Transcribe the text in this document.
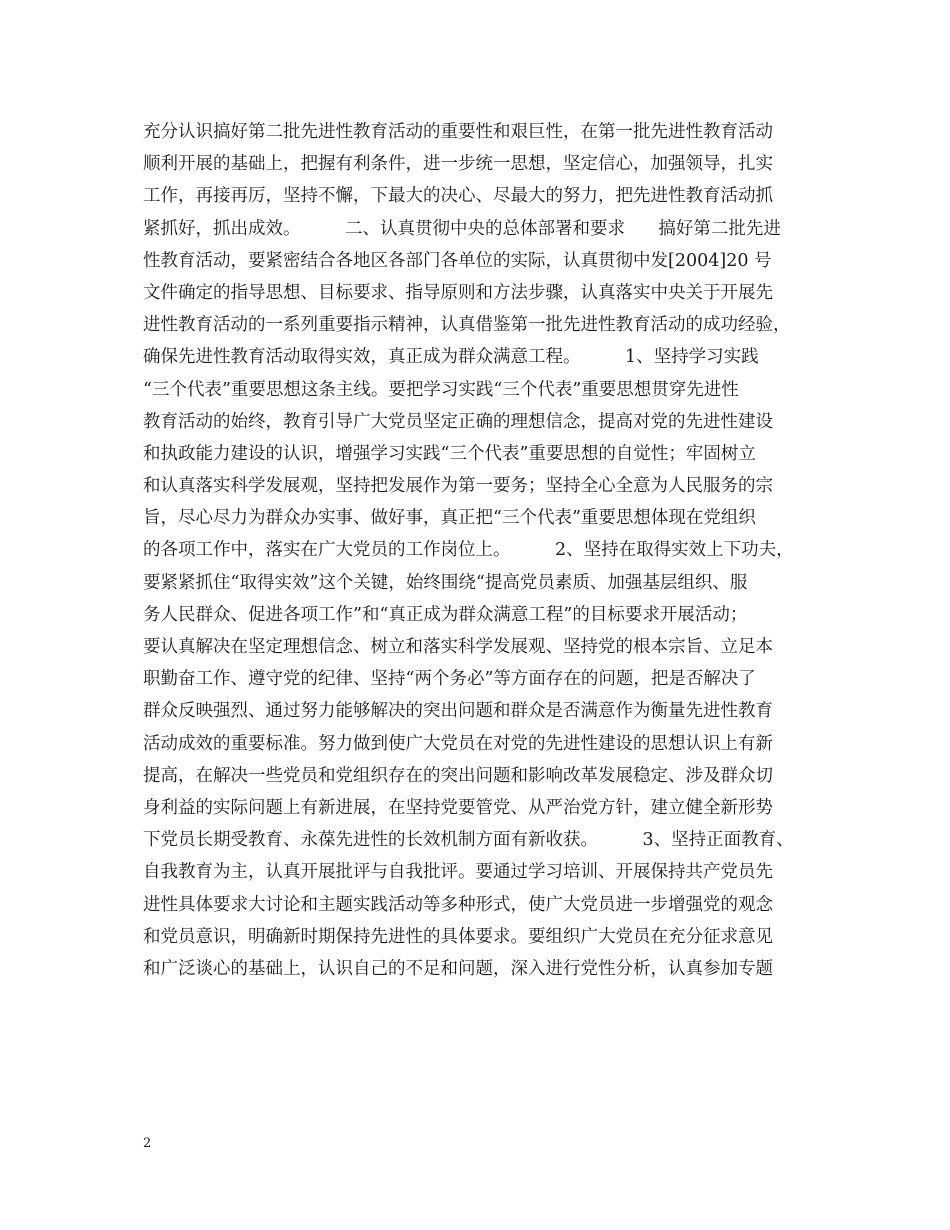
充分认识搞好第二批先进性教育活动的重要性和艰巨性，在第一批先进性教育活动
顺利开展的基础上，把握有利条件，进一步统一思想，坚定信心，加强领导，扎实
工作，再接再厉，坚持不懈，下最大的决心、尽最大的努力，把先进性教育活动抓
紧抓好，抓出成效。        二、认真贯彻中央的总体部署和要求      搞好第二批先进
性教育活动，要紧密结合各地区各部门各单位的实际，认真贯彻中发[2004]20 号
文件确定的指导思想、目标要求、指导原则和方法步骤，认真落实中央关于开展先
进性教育活动的一系列重要指示精神，认真借鉴第一批先进性教育活动的成功经验，
确保先进性教育活动取得实效，真正成为群众满意工程。        1、坚持学习实践
“三个代表”重要思想这条主线。要把学习实践“三个代表”重要思想贯穿先进性
教育活动的始终，教育引导广大党员坚定正确的理想信念，提高对党的先进性建设
和执政能力建设的认识，增强学习实践“三个代表”重要思想的自觉性；牢固树立
和认真落实科学发展观，坚持把发展作为第一要务；坚持全心全意为人民服务的宗
旨，尽心尽力为群众办实事、做好事，真正把“三个代表”重要思想体现在党组织
的各项工作中，落实在广大党员的工作岗位上。        2、坚持在取得实效上下功夫，
要紧紧抓住“取得实效”这个关键，始终围绕“提高党员素质、加强基层组织、服
务人民群众、促进各项工作”和“真正成为群众满意工程”的目标要求开展活动；
要认真解决在坚定理想信念、树立和落实科学发展观、坚持党的根本宗旨、立足本
职勤奋工作、遵守党的纪律、坚持“两个务必”等方面存在的问题，把是否解决了
群众反映强烈、通过努力能够解决的突出问题和群众是否满意作为衡量先进性教育
活动成效的重要标准。努力做到使广大党员在对党的先进性建设的思想认识上有新
提高，在解决一些党员和党组织存在的突出问题和影响改革发展稳定、涉及群众切
身利益的实际问题上有新进展，在坚持党要管党、从严治党方针，建立健全新形势
下党员长期受教育、永葆先进性的长效机制方面有新收获。        3、坚持正面教育、
自我教育为主，认真开展批评与自我批评。要通过学习培训、开展保持共产党员先
进性具体要求大讨论和主题实践活动等多种形式，使广大党员进一步增强党的观念
和党员意识，明确新时期保持先进性的具体要求。要组织广大党员在充分征求意见
和广泛谈心的基础上，认识自己的不足和问题，深入进行党性分析，认真参加专题
2
